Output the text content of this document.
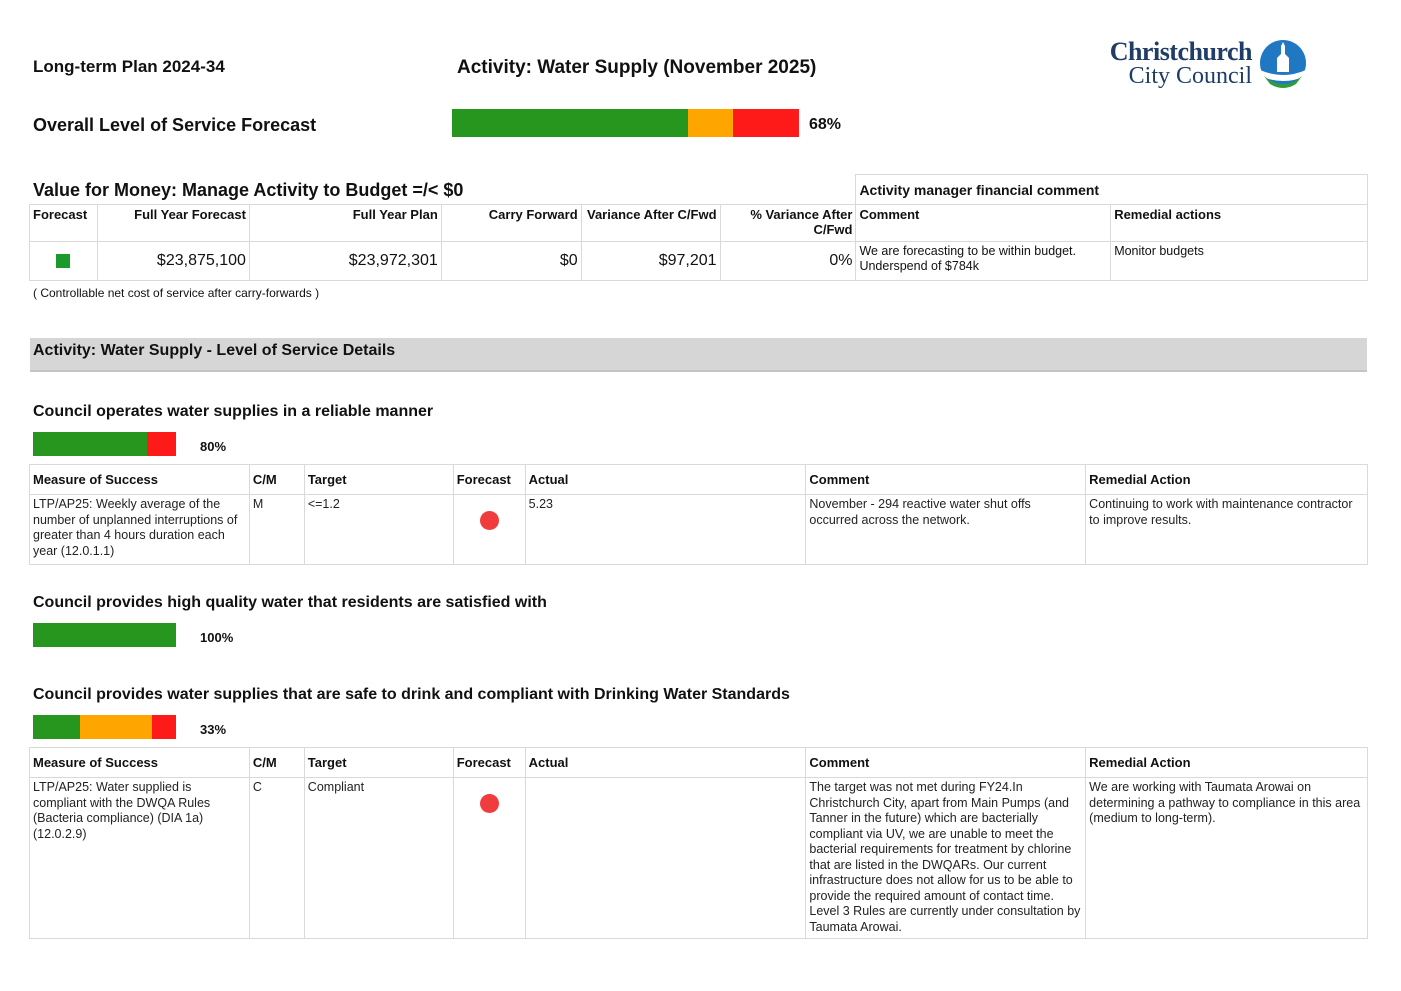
Long-term Plan 2024-34	Activity: Water Supply (November 2025)
Christchurch
City Council
Overall Level of Service Forecast	68%
Value for Money: Manage Activity to Budget =/< $0
						Activity manager financial comment	
Forecast	Full Year Forecast	Full Year Plan	Carry Forward	Variance After C/Fwd	% Variance After C/Fwd	Comment	Remedial actions

	$23,875,100	$23,972,301	$0	$97,201	0%	We are forecasting to be within budget. Underspend of $784k	Monitor budgets
( Controllable net cost of service after carry-forwards )
Activity: Water Supply - Level of Service Details
Council operates water supplies in a reliable manner
80%
Measure of Success	C/M	Target	Forecast	Actual	Comment	Remedial Action
LTP/AP25: Weekly average of the number of unplanned interruptions of greater than 4 hours duration each year (12.0.1.1)	M	<=1.2		5.23	November - 294 reactive water shut offs occurred across the network.	Continuing to work with maintenance contractor to improve results.
Council provides high quality water that residents are satisfied with
100%
Council provides water supplies that are safe to drink and compliant with Drinking Water Standards
33%
Measure of Success	C/M	Target	Forecast	Actual	Comment	Remedial Action
LTP/AP25: Water supplied is compliant with the DWQA Rules (Bacteria compliance) (DIA 1a) (12.0.2.9)	C	Compliant			The target was not met during FY24.In Christchurch City, apart from Main Pumps (and Tanner in the future) which are bacterially compliant via UV, we are unable to meet the bacterial requirements for treatment by chlorine that are listed in the DWQARs. Our current infrastructure does not allow for us to be able to provide the required amount of contact time. Level 3 Rules are currently under consultation by Taumata Arowai.	We are working with Taumata Arowai on determining a pathway to compliance in this area (medium to long-term).
